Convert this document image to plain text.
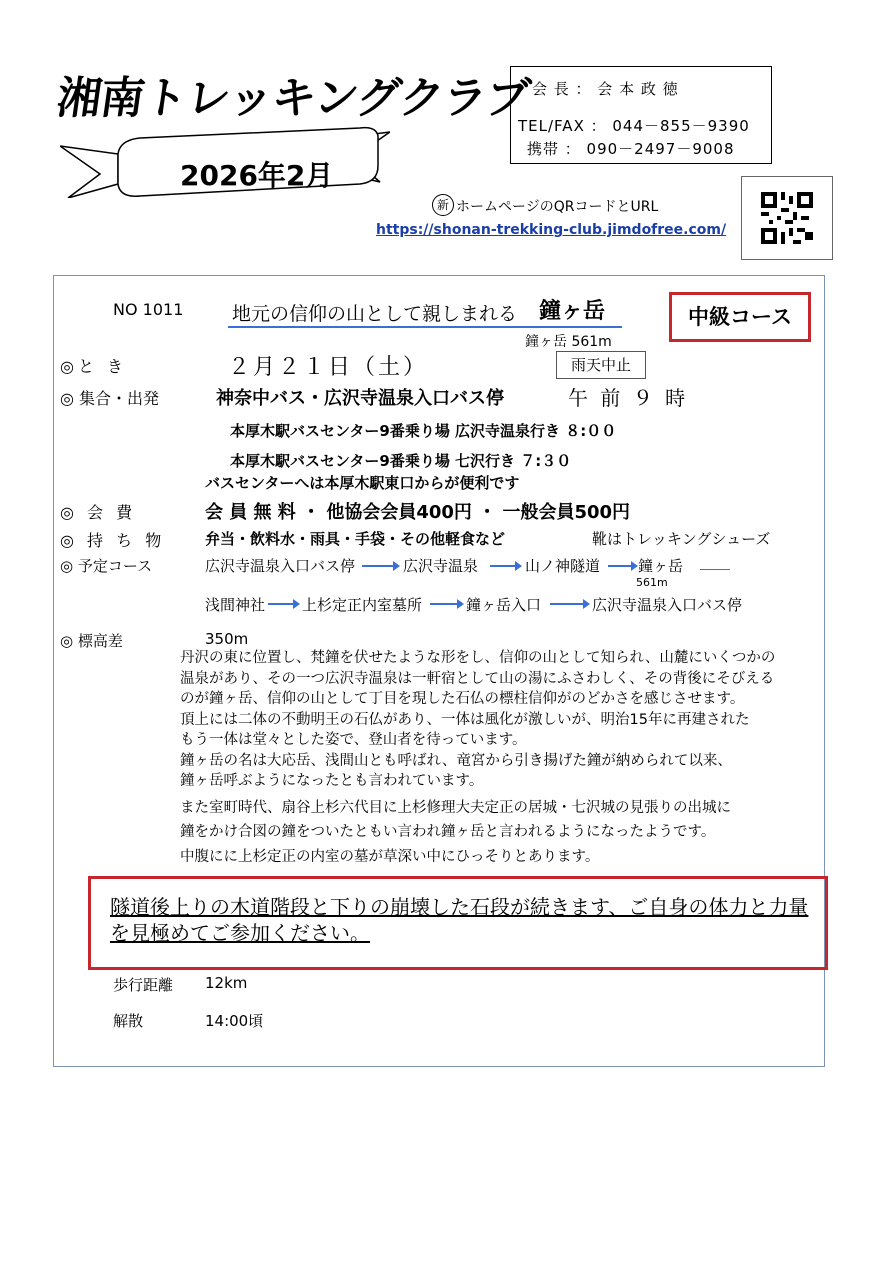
湘南トレッキングクラブ
2026年2月
会 長 ： 会 本 政 徳
TEL/FAX ： 044－855－9390
携帯 ： 090－2497－9008
新 ホームページのQRコードとURL
https://shonan-trekking-club.jimdofree.com/
NO 1011	地元の信仰の山として親しまれる 鐘ヶ岳
鐘ヶ岳 561m
中級コース
◎と き	２月２１日（土）	雨天中止
◎ 集合・出発	神奈中バス・広沢寺温泉入口バス停	午 前 ９ 時
本厚木駅バスセンター9番乗り場 広沢寺温泉行き ８:００
本厚木駅バスセンター9番乗り場 七沢行き ７:３０
バスセンターへは本厚木駅東口からが便利です
◎ 会 費	会 員 無 料 ・ 他協会会員400円 ・ 一般会員500円
◎ 持 ち 物	弁当・飲料水・雨具・手袋・その他軽食など	靴はトレッキングシューズ
◎ 予定コース	広沢寺温泉入口バス停	広沢寺温泉	山ノ神隧道	鐘ヶ岳
561m
浅間神社 上杉定正内室墓所	鐘ヶ岳入口	広沢寺温泉入口バス停
◎ 標高差	350m

丹沢の東に位置し、梵鐘を伏せたような形をし、信仰の山として知られ、山麓にいくつかの

温泉があり、その一つ広沢寺温泉は一軒宿として山の湯にふさわしく、その背後にそびえる

のが鐘ヶ岳、信仰の山として丁目を現した石仏の標柱信仰がのどかさを感じさせます。

頂上には二体の不動明王の石仏があり、一体は風化が激しいが、明治15年に再建された

もう一体は堂々とした姿で、登山者を待っています。

鐘ヶ岳の名は大応岳、浅間山とも呼ばれ、竜宮から引き揚げた鐘が納められて以来、

鐘ヶ岳呼ぶようになったとも言われています。

また室町時代、扇谷上杉六代目に上杉修理大夫定正の居城・七沢城の見張りの出城に

鐘をかけ合図の鐘をついたともい言われ鐘ヶ岳と言われるようになったようです。

中腹にに上杉定正の内室の墓が草深い中にひっそりとあります。

隧道後上りの木道階段と下りの崩壊した石段が続きます、ご自身の体力と力量を見極めてご参加ください。
歩行距離 12km
解散	14:00頃
